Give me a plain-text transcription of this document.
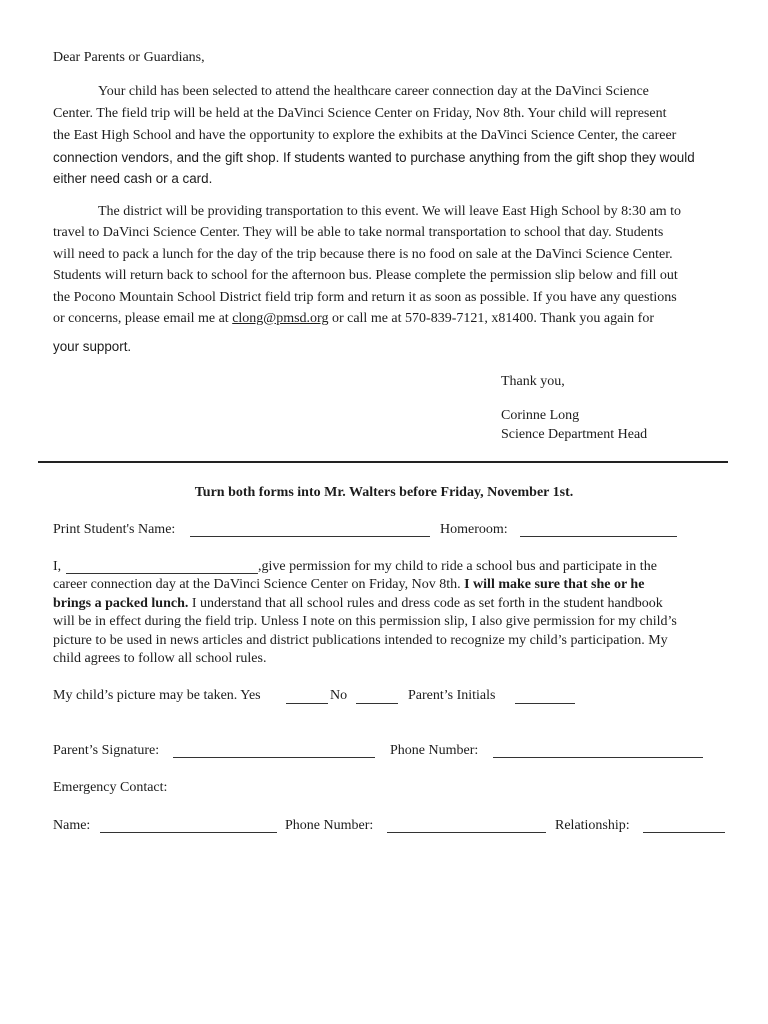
Dear Parents or Guardians,
Your child has been selected to attend the healthcare career connection day at the DaVinci Science
Center. The field trip will be held at the DaVinci Science Center on Friday, Nov 8th. Your child will represent
the East High School and have the opportunity to explore the exhibits at the DaVinci Science Center, the career
connection vendors, and the gift shop. If students wanted to purchase anything from the gift shop they would
either need cash or a card.
The district will be providing transportation to this event. We will leave East High School by 8:30 am to
travel to DaVinci Science Center. They will be able to take normal transportation to school that day. Students
will need to pack a lunch for the day of the trip because there is no food on sale at the DaVinci Science Center.
Students will return back to school for the afternoon bus. Please complete the permission slip below and fill out
the Pocono Mountain School District field trip form and return it as soon as possible. If you have any questions
or concerns, please email me at clong@pmsd.org or call me at 570-839-7121, x81400. Thank you again for
your support.
Thank you,
Corinne Long
Science Department Head
Turn both forms into Mr. Walters before Friday, November 1st.
Print Student's Name:	Homeroom:
I,	,give permission for my child to ride a school bus and participate in the
career connection day at the DaVinci Science Center on Friday, Nov 8th. I will make sure that she or he
brings a packed lunch. I understand that all school rules and dress code as set forth in the student handbook
will be in effect during the field trip. Unless I note on this permission slip, I also give permission for my child’s
picture to be used in news articles and district publications intended to recognize my child’s participation. My
child agrees to follow all school rules.
My child’s picture may be taken. Yes	No	Parent’s Initials
Parent’s Signature:	Phone Number:
Emergency Contact:
Name:	Phone Number:	Relationship:
